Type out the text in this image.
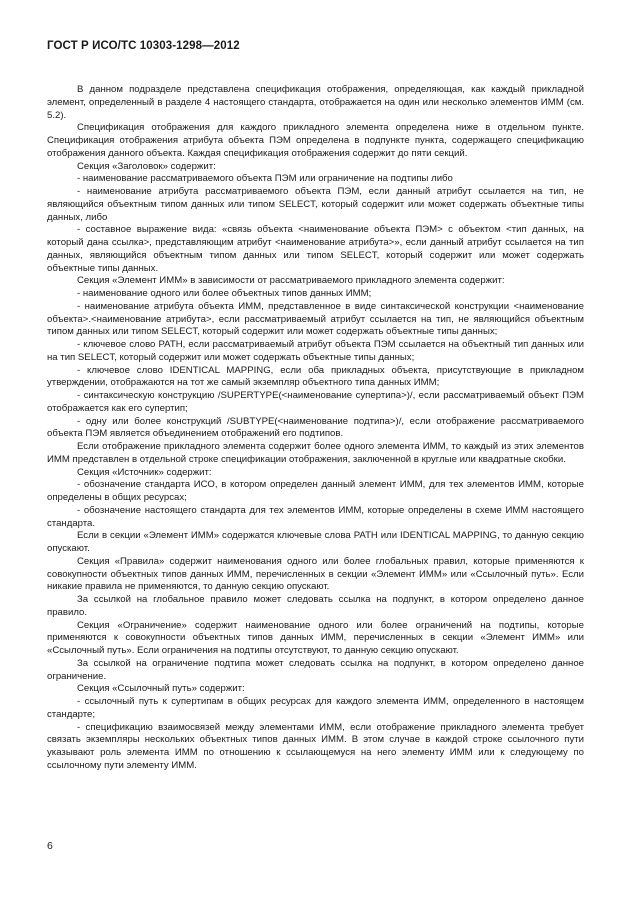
ГОСТ Р ИСО/ТС 10303-1298—2012

В данном подразделе представлена спецификация отображения, определяющая, как каждый прикладной элемент, определенный в разделе 4 настоящего стандарта, отображается на один или несколько элементов ИММ (см. 5.2).

Спецификация отображения для каждого прикладного элемента определена ниже в отдельном пункте. Спецификация отображения атрибута объекта ПЭМ определена в подпункте пункта, содержащего спецификацию отображения данного объекта. Каждая спецификация отображения содержит до пяти секций.

Секция «Заголовок» содержит:

- наименование рассматриваемого объекта ПЭМ или ограничение на подтипы либо

- наименование атрибута рассматриваемого объекта ПЭМ, если данный атрибут ссылается на тип, не являющийся объектным типом данных или типом SELECT, который содержит или может содержать объектные типы данных, либо

- составное выражение вида: «связь объекта <наименование объекта ПЭМ> с объектом <тип данных, на который дана ссылка>, представляющим атрибут <наименование атрибута>», если данный атрибут ссылается на тип данных, являющийся объектным типом данных или типом SELECT, который содержит или может содержать объектные типы данных.

Секция «Элемент ИММ» в зависимости от рассматриваемого прикладного элемента содержит:

- наименование одного или более объектных типов данных ИММ;

- наименование атрибута объекта ИММ, представленное в виде синтаксической конструкции <наименование объекта>.<наименование атрибута>, если рассматриваемый атрибут ссылается на тип, не являющийся объектным типом данных или типом SELECT, который содержит или может содержать объектные типы данных;

- ключевое слово PATH, если рассматриваемый атрибут объекта ПЭМ ссылается на объектный тип данных или на тип SELECT, который содержит или может содержать объектные типы данных;

- ключевое слово IDENTICAL MAPPING, если оба прикладных объекта, присутствующие в прикладном утверждении, отображаются на тот же самый экземпляр объектного типа данных ИММ;

- синтаксическую конструкцию /SUPERTYPE(<наименование супертипа>)/, если рассматриваемый объект ПЭМ отображается как его супертип;

- одну или более конструкций /SUBTYPE(<наименование подтипа>)/, если отображение рассматриваемого объекта ПЭМ является объединением отображений его подтипов.

Если отображение прикладного элемента содержит более одного элемента ИММ, то каждый из этих элементов ИММ представлен в отдельной строке спецификации отображения, заключенной в круглые или квадратные скобки.

Секция «Источник» содержит:

- обозначение стандарта ИСО, в котором определен данный элемент ИММ, для тех элементов ИММ, которые определены в общих ресурсах;

- обозначение настоящего стандарта для тех элементов ИММ, которые определены в схеме ИММ настоящего стандарта.

Если в секции «Элемент ИММ» содержатся ключевые слова PATH или IDENTICAL MAPPING, то данную секцию опускают.

Секция «Правила» содержит наименования одного или более глобальных правил, которые применяются к совокупности объектных типов данных ИММ, перечисленных в секции «Элемент ИММ» или «Ссылочный путь». Если никакие правила не применяются, то данную секцию опускают.

За ссылкой на глобальное правило может следовать ссылка на подпункт, в котором определено данное правило.

Секция «Ограничение» содержит наименование одного или более ограничений на подтипы, которые применяются к совокупности объектных типов данных ИММ, перечисленных в секции «Элемент ИММ» или «Ссылочный путь». Если ограничения на подтипы отсутствуют, то данную секцию опускают.

За ссылкой на ограничение подтипа может следовать ссылка на подпункт, в котором определено данное ограничение.

Секция «Ссылочный путь» содержит:

- ссылочный путь к супертипам в общих ресурсах для каждого элемента ИММ, определенного в настоящем стандарте;

- спецификацию взаимосвязей между элементами ИММ, если отображение прикладного элемента требует связать экземпляры нескольких объектных типов данных ИММ. В этом случае в каждой строке ссылочного пути указывают роль элемента ИММ по отношению к ссылающемуся на него элементу ИММ или к следующему по ссылочному пути элементу ИММ.

6
